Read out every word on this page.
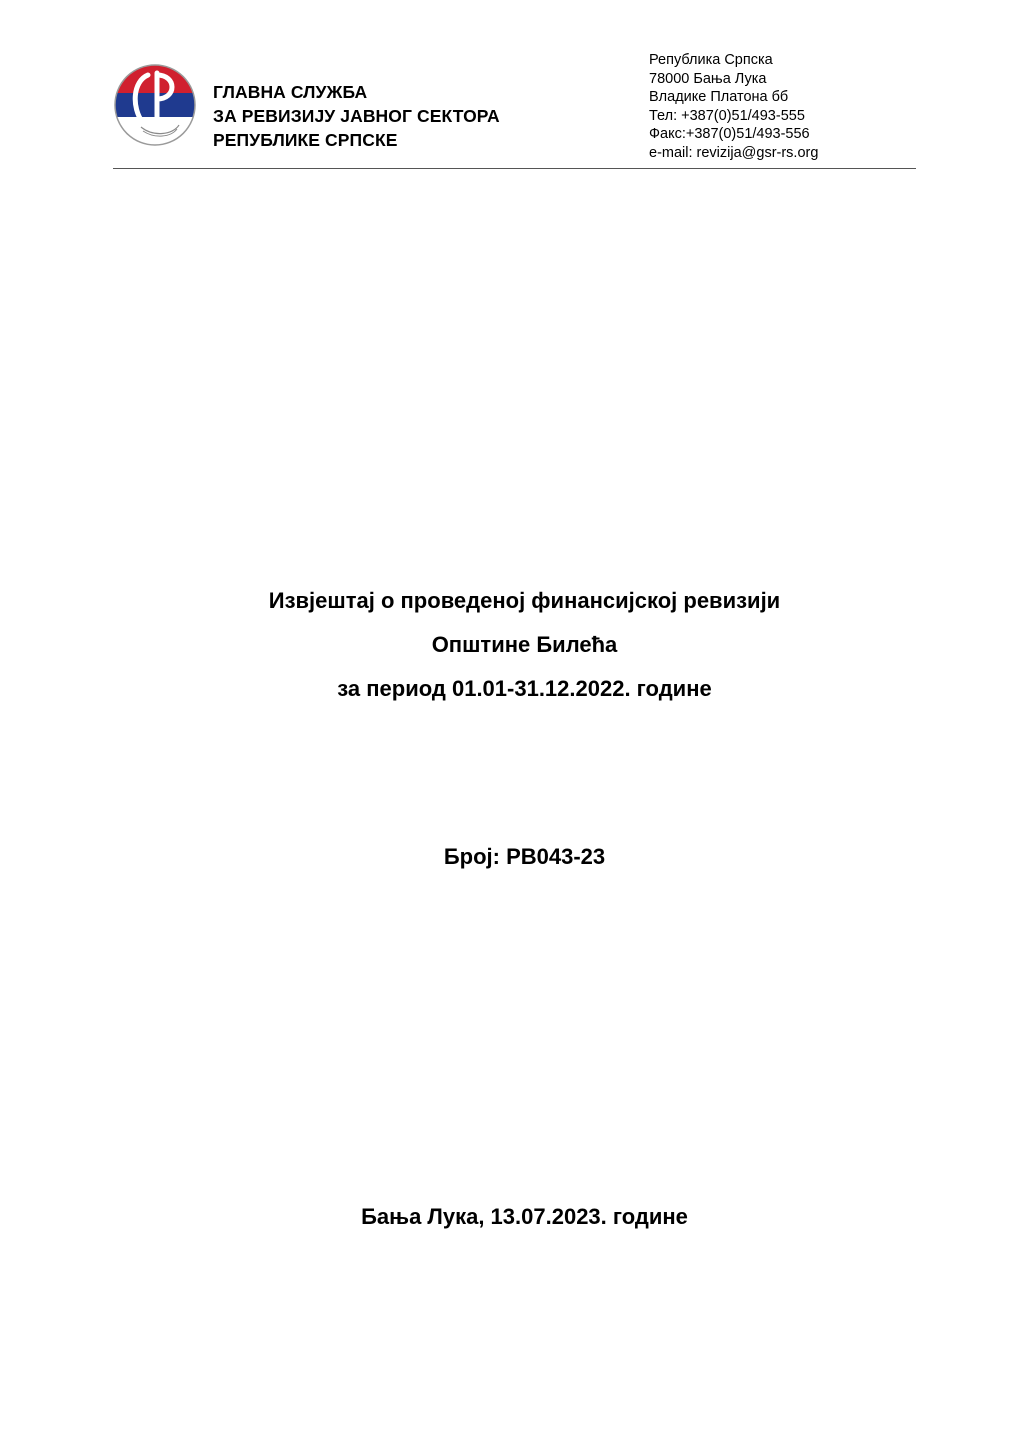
ГЛАВНА СЛУЖБА
ЗА РЕВИЗИЈУ ЈАВНОГ СЕКТОРА
РЕПУБЛИКЕ СРПСКЕ
Република Српска
78000 Бања Лука
Владике Платона бб
Тел: +387(0)51/493-555
Факс:+387(0)51/493-556
e-mail: revizija@gsr-rs.org
Извјештај о проведеној финансијској ревизији
Општине Билећа
за период 01.01-31.12.2022. године
Број: РВ043-23
Бања Лука, 13.07.2023. године
